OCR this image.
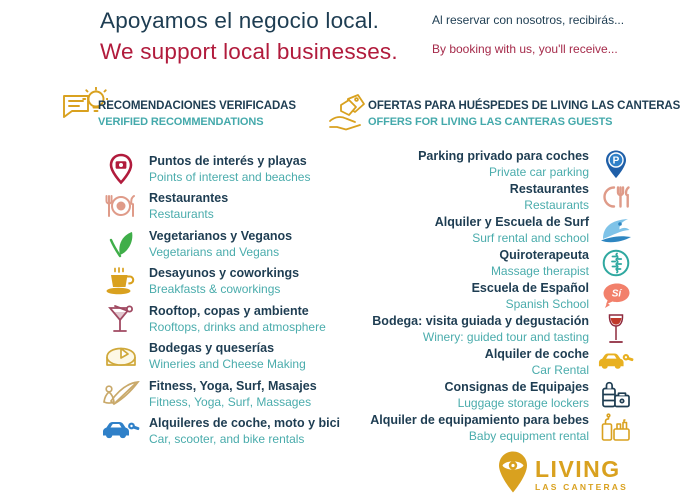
Apoyamos el negocio local.
We support local businesses.
Al reservar con nosotros, recibirás...
By booking with us, you'll receive...
RECOMENDACIONES VERIFICADAS
VERIFIED RECOMMENDATIONS
OFERTAS PARA HUÉSPEDES DE LIVING LAS CANTERAS
OFFERS FOR LIVING LAS CANTERAS GUESTS
Puntos de interés y playas
Points of interest and beaches
Restaurantes
Restaurants
Vegetarianos y Veganos
Vegetarians and Vegans
Desayunos y coworkings
Breakfasts & coworkings
Rooftop, copas y ambiente
Rooftops, drinks and atmosphere
Bodegas y queserías
Wineries and Cheese Making
Fitness, Yoga, Surf, Masajes
Fitness, Yoga, Surf, Massages
Alquileres de coche, moto y bici
Car, scooter, and bike rentals
Parking privado para coches
Private car parking
P
Restaurantes
Restaurants
Alquiler y Escuela de Surf
Surf rental and school
Quiroterapeuta
Massage therapist
Escuela de Español
Spanish School
Sí
Bodega: visita guiada y degustación
Winery: guided tour and tasting
Alquiler de coche
Car Rental
Consignas de Equipajes
Luggage storage lockers
Alquiler de equipamiento para bebes
Baby equipment rental
LIVING
LAS CANTERAS
